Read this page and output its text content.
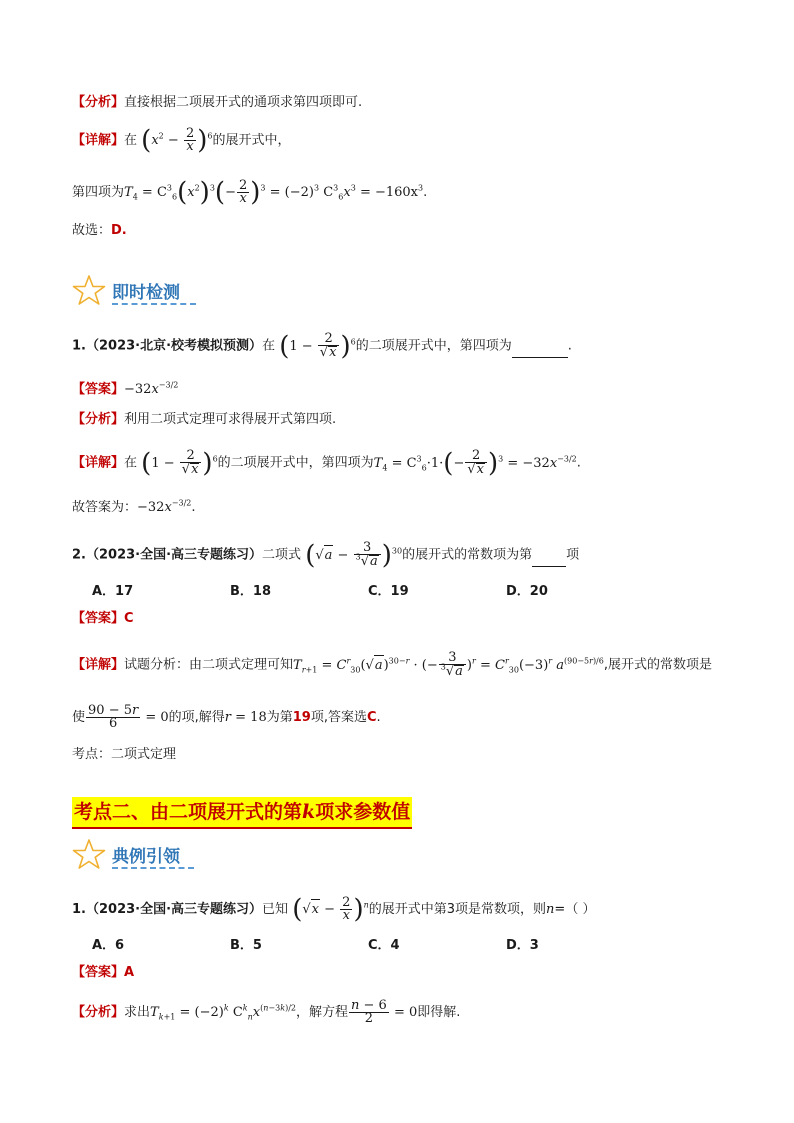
【分析】直接根据二项展开式的通项求第四项即可.
【详解】在 $(x^2 - \frac{2}{x} )^6$的展开式中，
第四项为$T_4 = C^3_6(x^2)^3(- \frac{2}{x} )^3 = (-2)^3$ $C^3_6x^3 = -160x^3$.
故选：D.
即时检测
1.（2023·北京·校考模拟预测）在 $(1 - \frac{2}{√x} )^6$的二项展开式中，第四项为	.
【答案】$-32x^{-3/2}$
【分析】利用二项式定理可求得展开式第四项.
【详解】在 $(1 - \frac{2}{√x} )^6$的二项展开式中，第四项为$T_4 = C^3_6\cdot 1\cdot(- \frac{2}{√x} )^3 = -32x^{-3/2}$.
故答案为：$-32x^{-3/2}$.
2.（2023·全国·高三专题练习）二项式 $(√a - \frac{3}{^3√a} )^{30}$的展开式的常数项为第	项
A．17	B．18	C．19	D．20
【答案】C
【详解】试题分析：由二项式定理可知$T_{r+1} = C^r_{30}(√a)^{30-r}$ · (− $\frac{3}{^3√a} )^r = C^r_{30}(-3)^r$ $a^{(90-5r)/6}$,展开式的常数项是
使 $\frac{90 - 5r}{6} = 0$的项,解得r = 18为第19项,答案选C.
考点：二项式定理
考点二、由二项展开式的第k项求参数值
典例引领
1.（2023·全国·高三专题练习）已知 $(√x - \frac{2}{x} )^n$的展开式中第3项是常数项，则n=（ ）
A．6	B．5	C．4	D．3
【答案】A
【分析】求出$T_{k+1} = (-2)^k$ $C^k_nx^{(n-3k)/2}$，解方程 $\frac{n - 6}{2} = 0$即得解.
